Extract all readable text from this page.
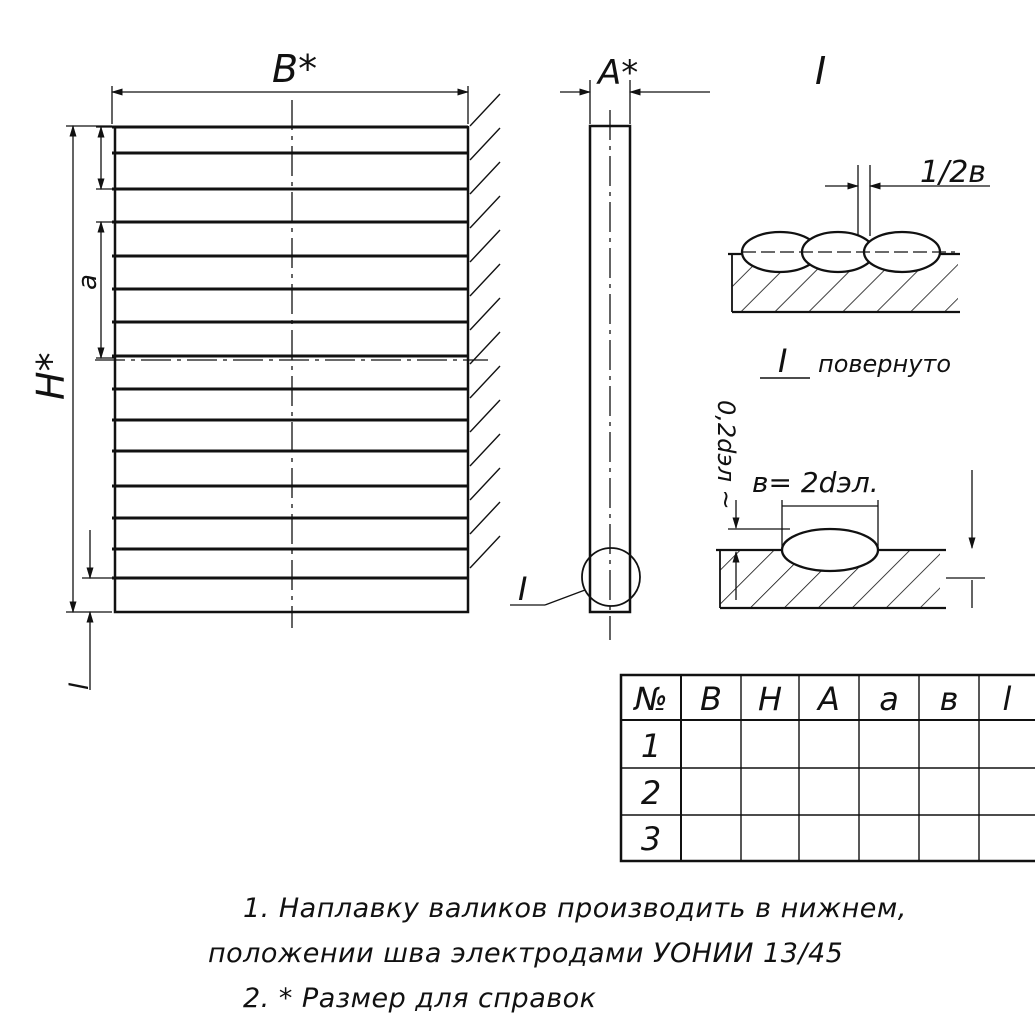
B*
H*
a
l
A*
I
I
1/2в
I повернуто
в= 2dэл.
0,2dэл ~
№ B H A a в l
1
2
3
1. Наплавку валиков производить в нижнем,
положении шва электродами УОНИИ 13/45
2. * Размер для справок
